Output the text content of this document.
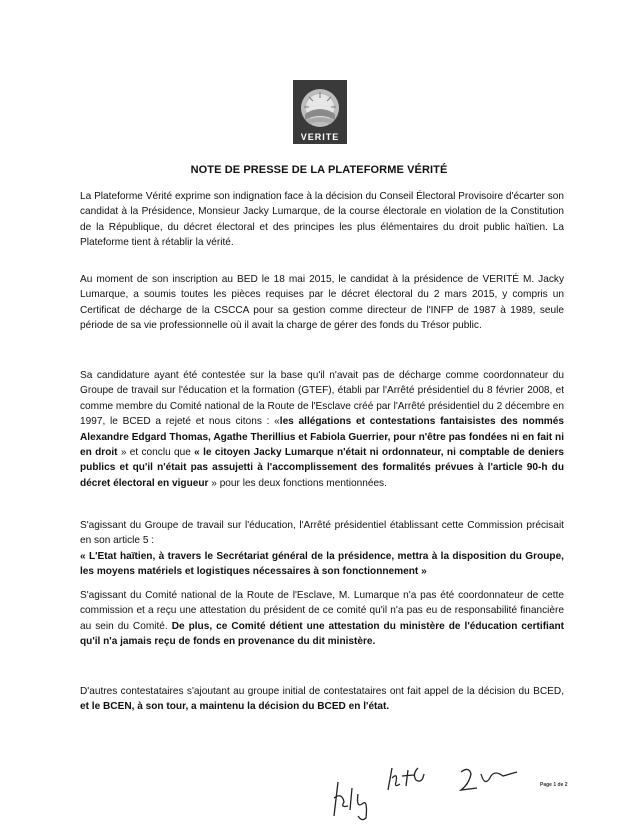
VERITE
NOTE DE PRESSE DE LA PLATEFORME VÉRITÉ
La Plateforme Vérité exprime son indignation face à la décision du Conseil Électoral Provisoire d'écarter son candidat à la Présidence, Monsieur Jacky Lumarque, de la course électorale en violation de la Constitution de la République, du décret électoral et des principes les plus élémentaires du droit public haïtien. La Plateforme tient à rétablir la vérité.
Au moment de son inscription au BED le 18 mai 2015, le candidat à la présidence de VERITÉ M. Jacky Lumarque, a soumis toutes les pièces requises par le décret électoral du 2 mars 2015, y compris un Certificat de décharge de la CSCCA pour sa gestion comme directeur de l'INFP de 1987 à 1989, seule période de sa vie professionnelle où il avait la charge de gérer des fonds du Trésor public.
Sa candidature ayant été contestée sur la base qu'il n'avait pas de décharge comme coordonnateur du Groupe de travail sur l'éducation et la formation (GTEF), établi par l'Arrêté présidentiel du 8 février 2008, et comme membre du Comité national de la Route de l'Esclave créé par l'Arrêté présidentiel du 2 décembre en 1997, le BCED a rejeté et nous citons : «les allégations et contestations fantaisistes des nommés Alexandre Edgard Thomas, Agathe Therillius et Fabiola Guerrier, pour n'être pas fondées ni en fait ni en droit » et conclu que « le citoyen Jacky Lumarque n'était ni ordonnateur, ni comptable de deniers publics et qu'il n'était pas assujetti à l'accomplissement des formalités prévues à l'article 90-h du décret électoral en vigueur » pour les deux fonctions mentionnées.
S'agissant du Groupe de travail sur l'éducation, l'Arrêté présidentiel établissant cette Commission précisait en son article 5 :
« L'Etat haïtien, à travers le Secrétariat général de la présidence, mettra à la disposition du Groupe, les moyens matériels et logistiques nécessaires à son fonctionnement »
S'agissant du Comité national de la Route de l'Esclave, M. Lumarque n'a pas été coordonnateur de cette commission et a reçu une attestation du président de ce comité qu'il n'a pas eu de responsabilité financière au sein du Comité. De plus, ce Comité détient une attestation du ministère de l'éducation certifiant qu'il n'a jamais reçu de fonds en provenance du dit ministère.
D'autres contestataires s'ajoutant au groupe initial de contestataires ont fait appel de la décision du BCED, et le BCEN, à son tour, a maintenu la décision du BCED en l'état.
Page 1 de 2
